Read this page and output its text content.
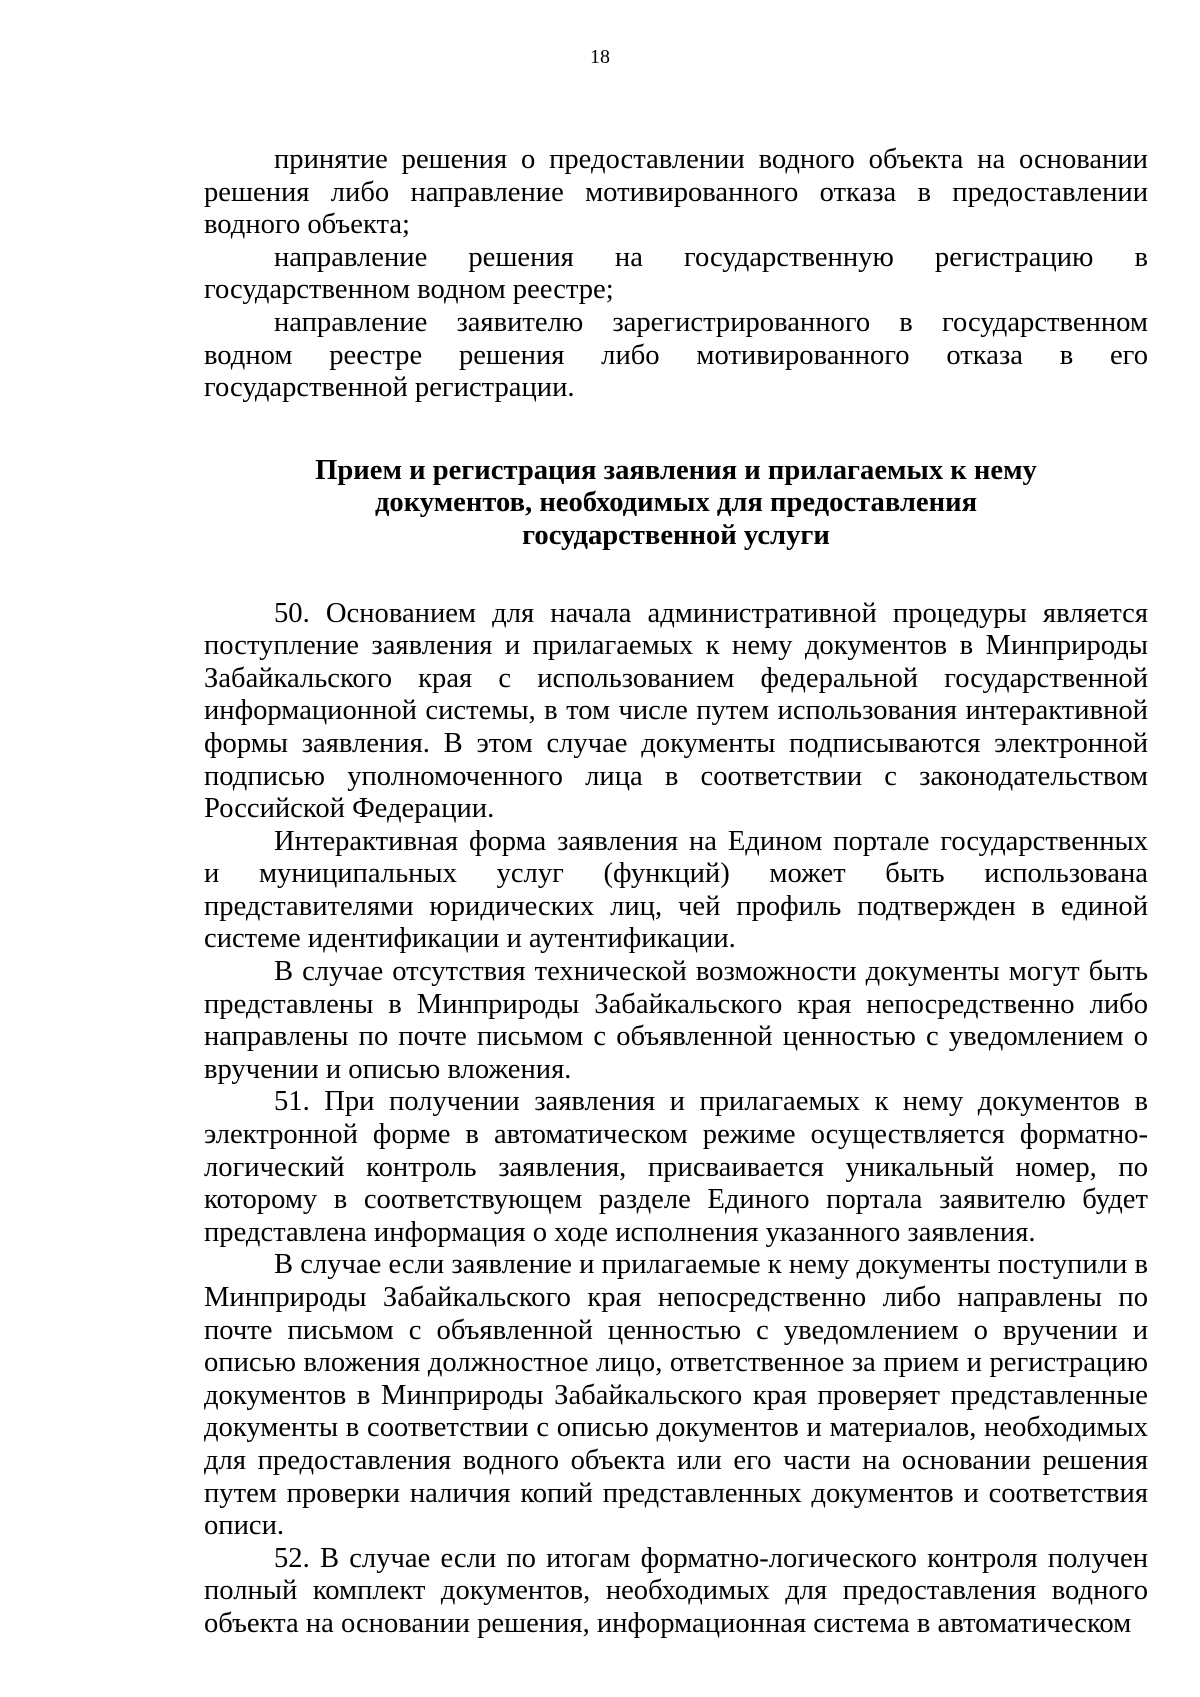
18

принятие решения о предоставлении водного объекта на основании решения либо направление мотивированного отказа в предоставлении водного объекта;

направление решения на государственную регистрацию в государственном водном реестре;

направление заявителю зарегистрированного в государственном водном реестре решения либо мотивированного отказа в его государственной регистрации.

Прием и регистрация заявления и прилагаемых к нему
документов, необходимых для предоставления
государственной услуги

50. Основанием для начала административной процедуры является поступление заявления и прилагаемых к нему документов в Минприроды Забайкальского края с использованием федеральной государственной информационной системы, в том числе путем использования интерактивной формы заявления. В этом случае документы подписываются электронной подписью уполномоченного лица в соответствии с законодательством Российской Федерации.

Интерактивная форма заявления на Едином портале государственных и муниципальных услуг (функций) может быть использована представителями юридических лиц, чей профиль подтвержден в единой системе идентификации и аутентификации.

В случае отсутствия технической возможности документы могут быть представлены в Минприроды Забайкальского края непосредственно либо направлены по почте письмом с объявленной ценностью с уведомлением о вручении и описью вложения.

51. При получении заявления и прилагаемых к нему документов в электронной форме в автоматическом режиме осуществляется форматно-логический контроль заявления, присваивается уникальный номер, по которому в соответствующем разделе Единого портала заявителю будет представлена информация о ходе исполнения указанного заявления.

В случае если заявление и прилагаемые к нему документы поступили в Минприроды Забайкальского края непосредственно либо направлены по почте письмом с объявленной ценностью с уведомлением о вручении и описью вложения должностное лицо, ответственное за прием и регистрацию документов в Минприроды Забайкальского края проверяет представленные документы в соответствии с описью документов и материалов, необходимых для предоставления водного объекта или его части на основании решения путем проверки наличия копий представленных документов и соответствия описи.

52. В случае если по итогам форматно-логического контроля получен полный комплект документов, необходимых для предоставления водного объекта на основании решения, информационная система в автоматическом
